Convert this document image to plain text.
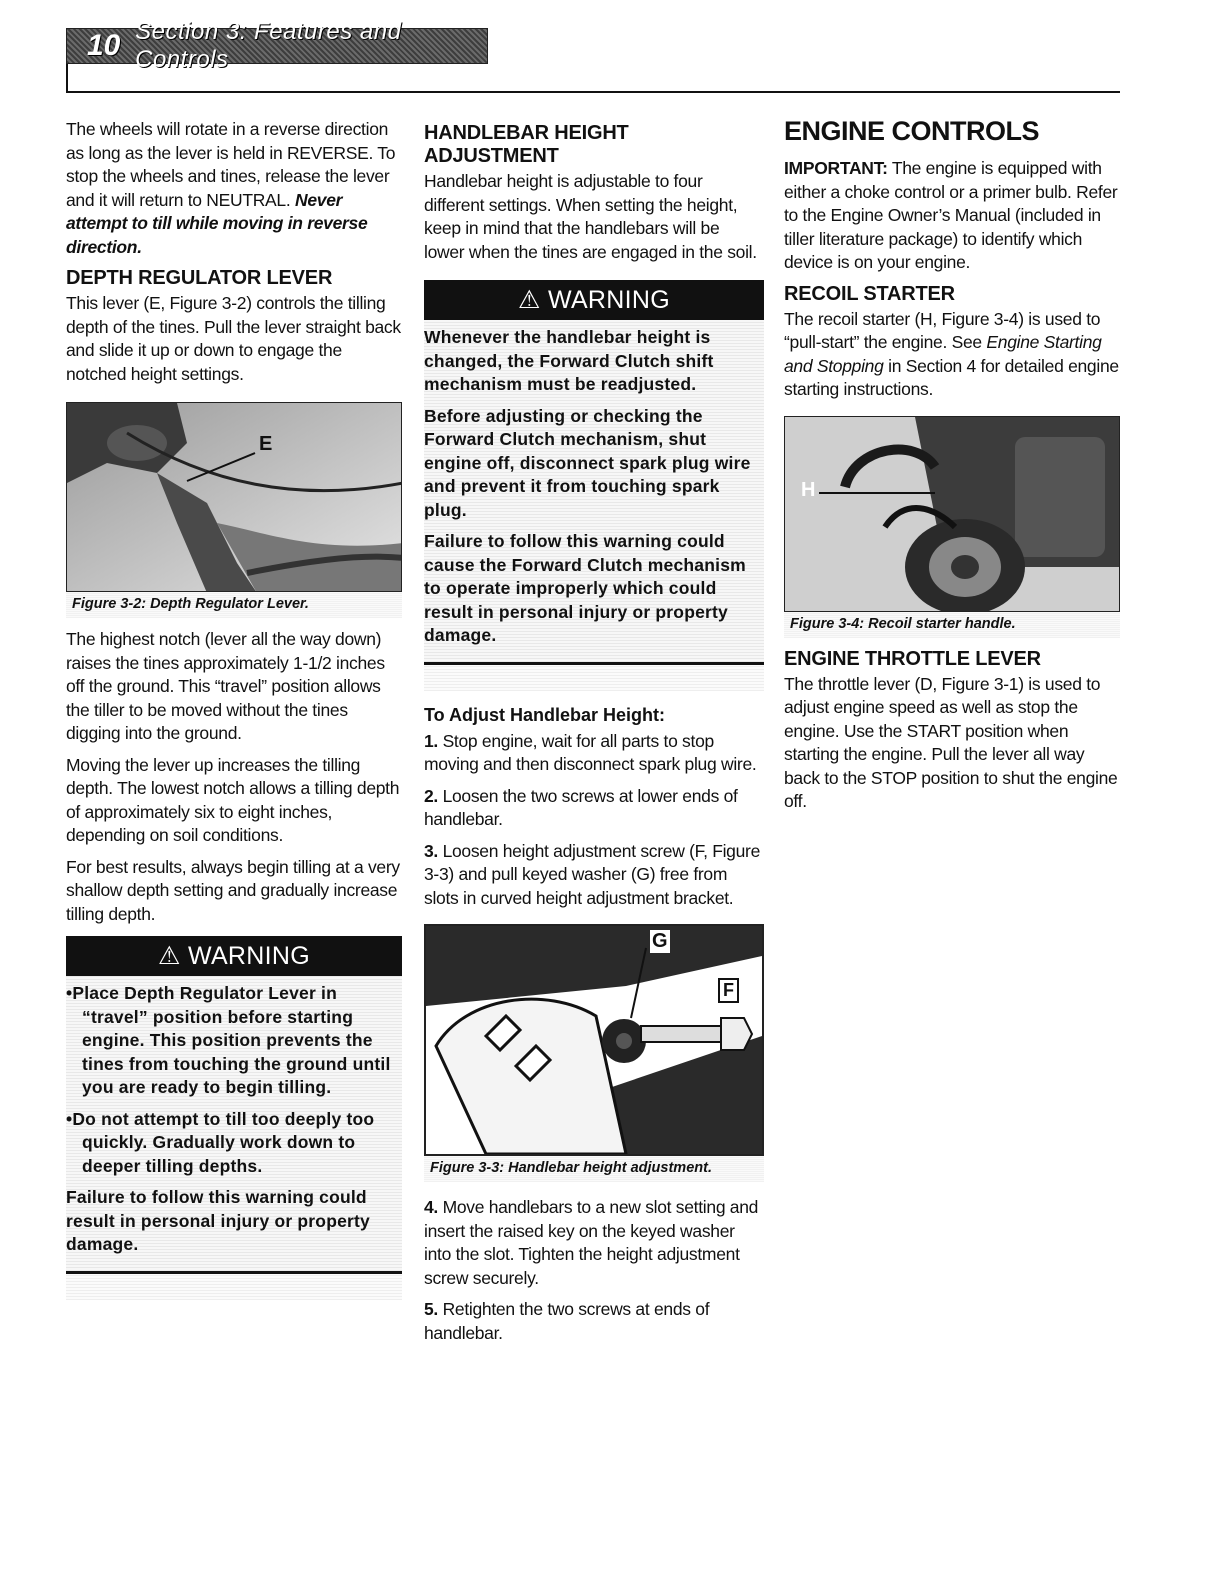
10 Section 3: Features and Controls

The wheels will rotate in a reverse direction as long as the lever is held in REVERSE. To stop the wheels and tines, release the lever and it will return to NEUTRAL. Never attempt to till while moving in reverse direction.

DEPTH REGULATOR LEVER

This lever (E, Figure 3-2) controls the tilling depth of the tines. Pull the lever straight back and slide it up or down to engage the notched height settings.

E
Figure 3-2: Depth Regulator Lever.

The highest notch (lever all the way down) raises the tines approximately 1-1/2 inches off the ground. This “travel” position allows the tiller to be moved without the tines digging into the ground.

Moving the lever up increases the tilling depth. The lowest notch allows a tilling depth of approximately six to eight inches, depending on soil conditions.

For best results, always begin tilling at a very shallow depth setting and gradually increase tilling depth.

⚠ WARNING

•Place Depth Regulator Lever in “travel” position before starting engine. This position prevents the tines from touching the ground until you are ready to begin tilling.

•Do not attempt to till too deeply too quickly. Gradually work down to deeper tilling depths.

Failure to follow this warning could result in personal injury or property damage.

HANDLEBAR HEIGHT ADJUSTMENT

Handlebar height is adjustable to four different settings. When setting the height, keep in mind that the handlebars will be lower when the tines are engaged in the soil.

⚠ WARNING

Whenever the handlebar height is changed, the Forward Clutch shift mechanism must be readjusted.

Before adjusting or checking the Forward Clutch mechanism, shut engine off, disconnect spark plug wire and prevent it from touching spark plug.

Failure to follow this warning could cause the Forward Clutch mechanism to operate improperly which could result in personal injury or property damage.

To Adjust Handlebar Height:
1. Stop engine, wait for all parts to stop moving and then disconnect spark plug wire.
2. Loosen the two screws at lower ends of handlebar.
3. Loosen height adjustment screw (F, Figure 3-3) and pull keyed washer (G) free from slots in curved height adjustment bracket.
G
F
Figure 3-3: Handlebar height adjustment.
4. Move handlebars to a new slot setting and insert the raised key on the keyed washer into the slot. Tighten the height adjustment screw securely.
5. Retighten the two screws at ends of handlebar.
ENGINE CONTROLS

IMPORTANT: The engine is equipped with either a choke control or a primer bulb. Refer to the Engine Owner’s Manual (included in tiller literature package) to identify which device is on your engine.

RECOIL STARTER

The recoil starter (H, Figure 3-4) is used to “pull-start” the engine. See Engine Starting and Stopping in Section 4 for detailed engine starting instructions.

H
Figure 3-4: Recoil starter handle.
ENGINE THROTTLE LEVER

The throttle lever (D, Figure 3-1) is used to adjust engine speed as well as stop the engine. Use the START position when starting the engine. Pull the lever all way back to the STOP position to shut the engine off.
